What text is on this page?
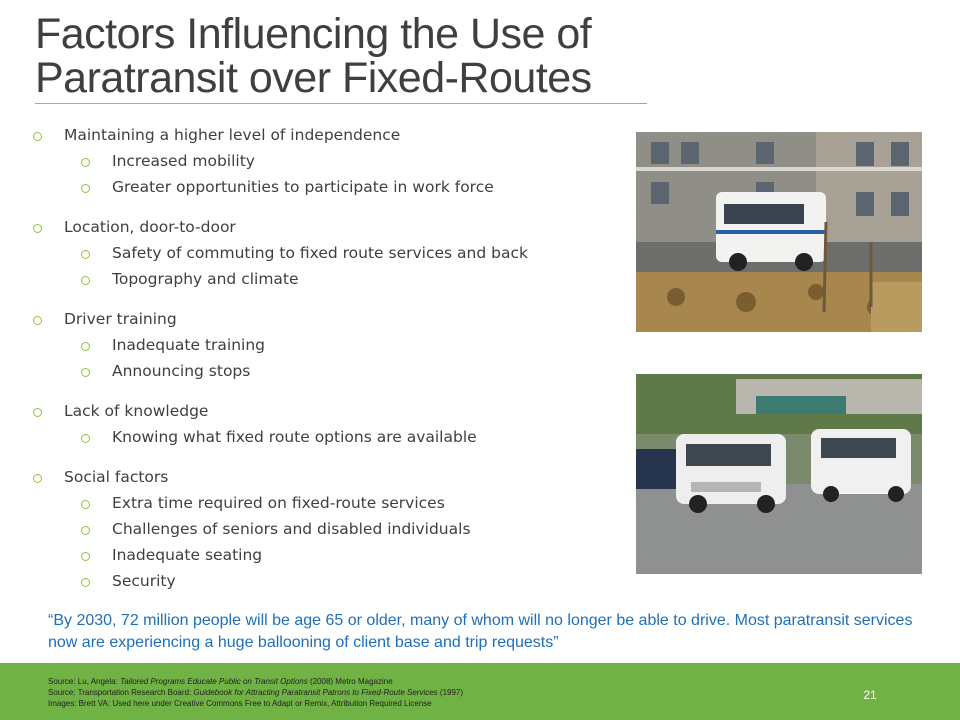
Factors Influencing the Use of
Paratransit over Fixed-Routes
Maintaining a higher level of independence
Increased mobility
Greater opportunities to participate in work force
Location, door-to-door
Safety of commuting to fixed route services and back
Topography and climate
Driver training
Inadequate training
Announcing stops
Lack of knowledge
Knowing what fixed route options are available
Social factors
Extra time required on fixed-route services
Challenges of seniors and disabled individuals
Inadequate seating
Security
“By 2030, 72 million people will be age 65 or older, many of whom will no longer be able to drive. Most paratransit services now are experiencing a huge ballooning of client base and trip requests”
Source: Lu, Angela: Tailored Programs Educate Public on Transit Options (2008) Metro Magazine
Source: Transportation Research Board: Guidebook for Attracting Paratransit Patrons to Fixed-Route Services (1997)
Images: Brett VA: Used here under Creative Commons Free to Adapt or Remix, Attribution Required License
21
